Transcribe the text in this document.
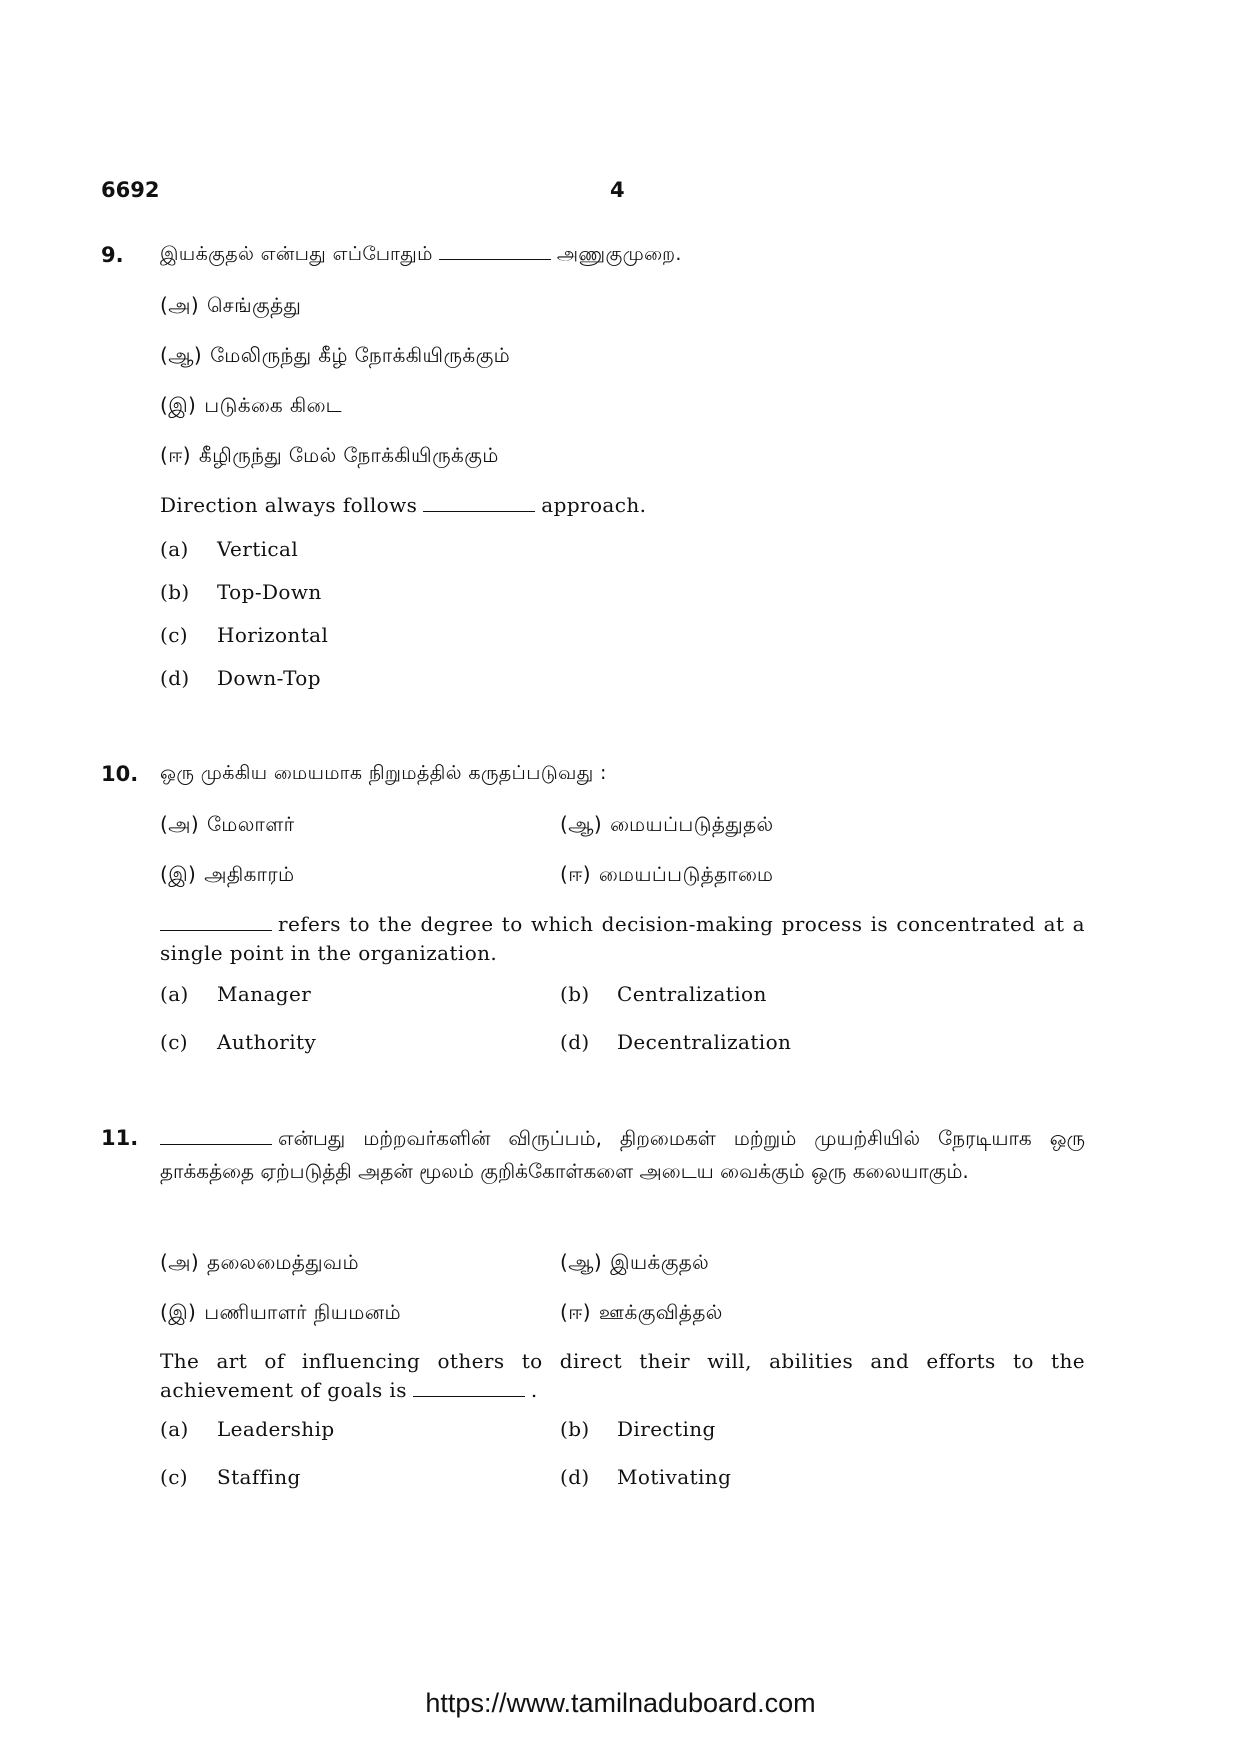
6692	4
9. இயக்குதல் என்பது எப்போதும்	அணுகுமுறை.
(அ) செங்குத்து
(ஆ) மேலிருந்து கீழ் நோக்கியிருக்கும்
(இ) படுக்கை கிடை
(ஈ) கீழிருந்து மேல் நோக்கியிருக்கும்
Direction always follows	approach.
(a) Vertical
(b) Top-Down
(c) Horizontal
(d) Down-Top
10. ஒரு முக்கிய மையமாக நிறுமத்தில் கருதப்படுவது :
(அ) மேலாளர்	(ஆ) மையப்படுத்துதல்
(இ) அதிகாரம்	(ஈ) மையப்படுத்தாமை
refers to the degree to which decision-making process is concentrated at a single point in the organization.
(a) Manager	(b) Centralization
(c) Authority	(d) Decentralization
11.	என்பது மற்றவர்களின் விருப்பம், திறமைகள் மற்றும் முயற்சியில் நேரடியாக ஒரு தாக்கத்தை ஏற்படுத்தி அதன் மூலம் குறிக்கோள்களை அடைய வைக்கும் ஒரு கலையாகும்.
(அ) தலைமைத்துவம்	(ஆ) இயக்குதல்
(இ) பணியாளர் நியமனம்	(ஈ) ஊக்குவித்தல்
The art of influencing others to direct their will, abilities and efforts to the achievement of goals is	.
(a) Leadership	(b) Directing
(c) Staffing	(d) Motivating
https://www.tamilnaduboard.com
